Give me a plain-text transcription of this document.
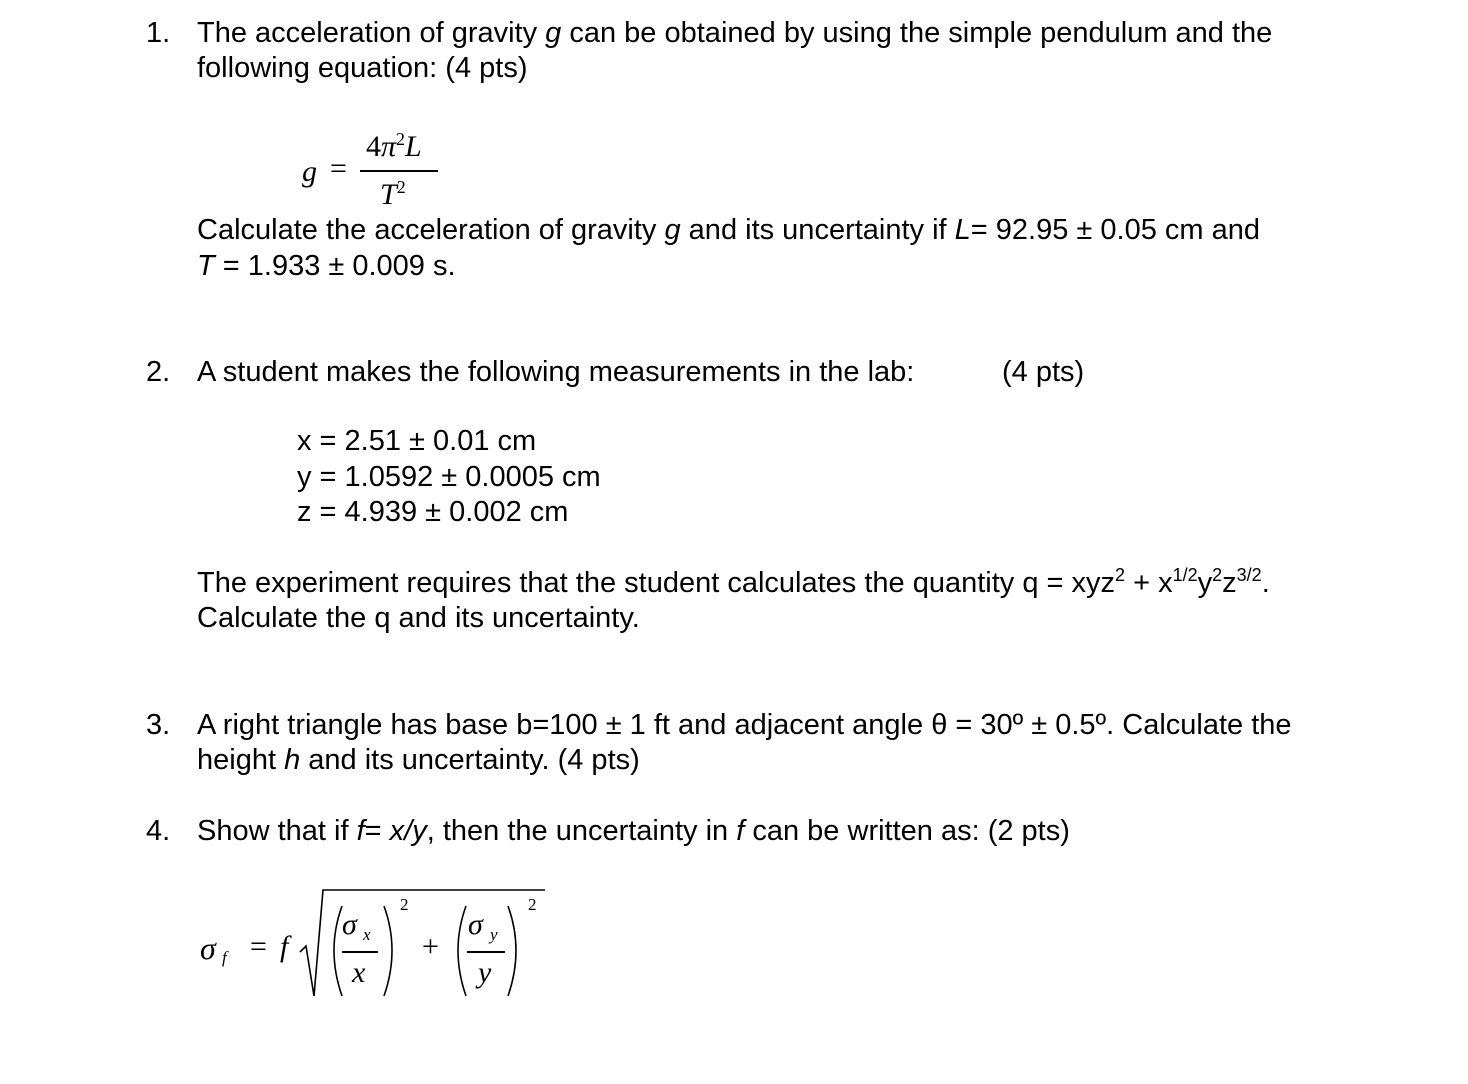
1. The acceleration of gravity g can be obtained by using the simple pendulum and the
following equation: (4 pts)
g =
$4\pi^2L$
$T^2$
Calculate the acceleration of gravity g and its uncertainty if L= 92.95 ± 0.05 cm and
T = 1.933 ± 0.009 s.
2. A student makes the following measurements in the lab:	(4 pts)
x = 2.51 ± 0.01 cm
y = 1.0592 ± 0.0005 cm
z = 4.939 ± 0.002 cm
The experiment requires that the student calculates the quantity $q = xyz^2 + x^{1/2}y^2z^{3/2}$.
Calculate the q and its uncertainty.
3. A right triangle has base b=100 ± 1 ft and adjacent angle θ = 30º ± 0.5º. Calculate the
height h and its uncertainty. (4 pts)
4. Show that if f= x/y, then the uncertainty in f can be written as: (2 pts)
σ f = f
σ x
x
2
+
σ y
y
2
